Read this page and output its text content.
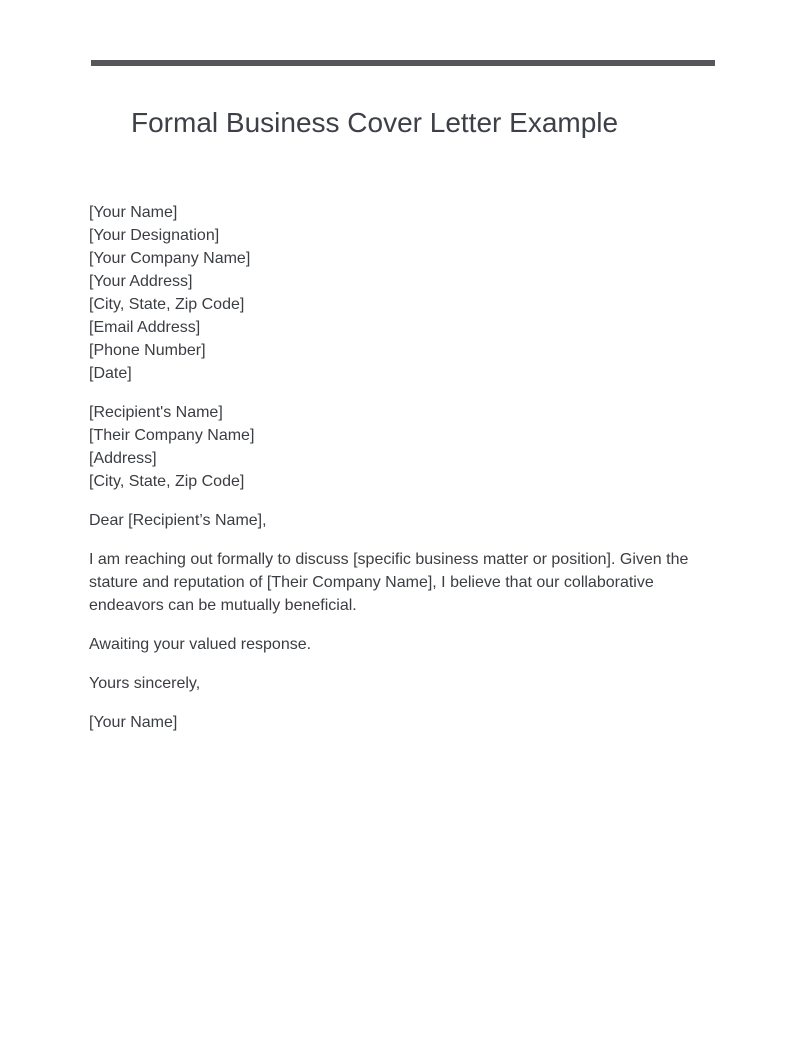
Formal Business Cover Letter Example
[Your Name]
[Your Designation]
[Your Company Name]
[Your Address]
[City, State, Zip Code]
[Email Address]
[Phone Number]
[Date]
[Recipient's Name]
[Their Company Name]
[Address]
[City, State, Zip Code]

Dear [Recipient’s Name],

I am reaching out formally to discuss [specific business matter or position]. Given the stature and reputation of [Their Company Name], I believe that our collaborative endeavors can be mutually beneficial.

Awaiting your valued response.

Yours sincerely,

[Your Name]
